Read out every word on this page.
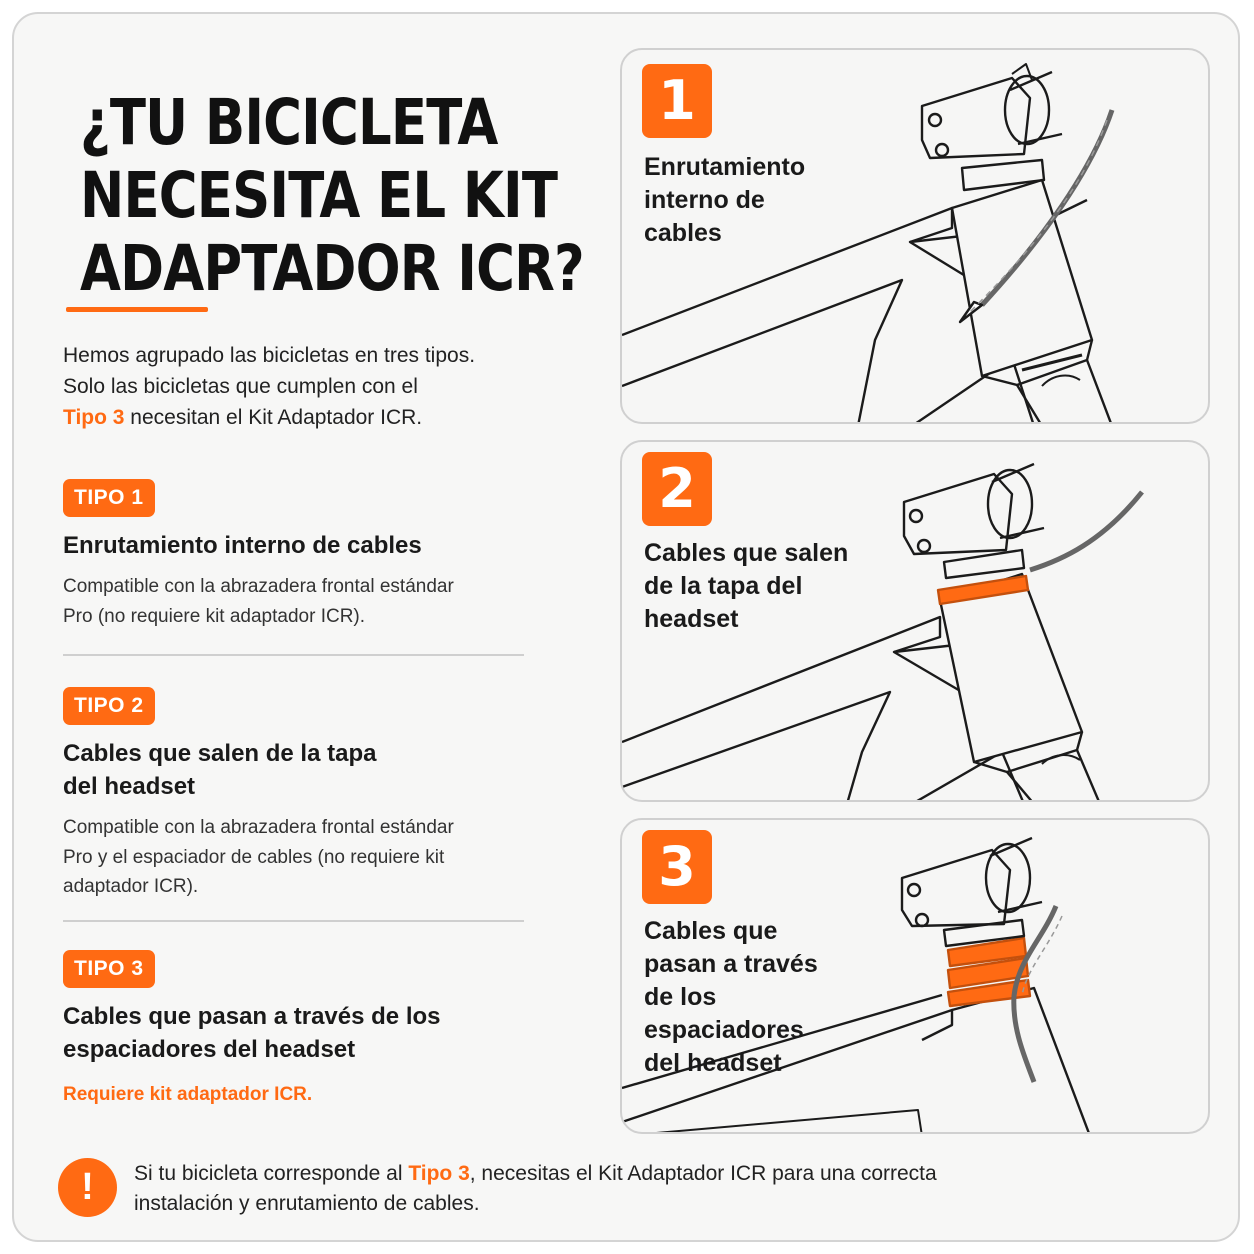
¿TU BICICLETA
NECESITA EL KIT
ADAPTADOR ICR?

Hemos agrupado las bicicletas en tres tipos.
Solo las bicicletas que cumplen con el
Tipo 3 necesitan el Kit Adaptador ICR.

TIPO 1
Enrutamiento interno de cables
Compatible con la abrazadera frontal estándar
Pro (no requiere kit adaptador ICR).
TIPO 2
Cables que salen de la tapa
del headset
Compatible con la abrazadera frontal estándar
Pro y el espaciador de cables (no requiere kit
adaptador ICR).
TIPO 3
Cables que pasan a través de los
espaciadores del headset
Requiere kit adaptador ICR.
1
Enrutamiento
interno de
cables
2
Cables que salen
de la tapa del
headset
3
Cables que
pasan a través
de los
espaciadores
del headset
!	Si tu bicicleta corresponde al Tipo 3, necesitas el Kit Adaptador ICR para una correcta
instalación y enrutamiento de cables.
